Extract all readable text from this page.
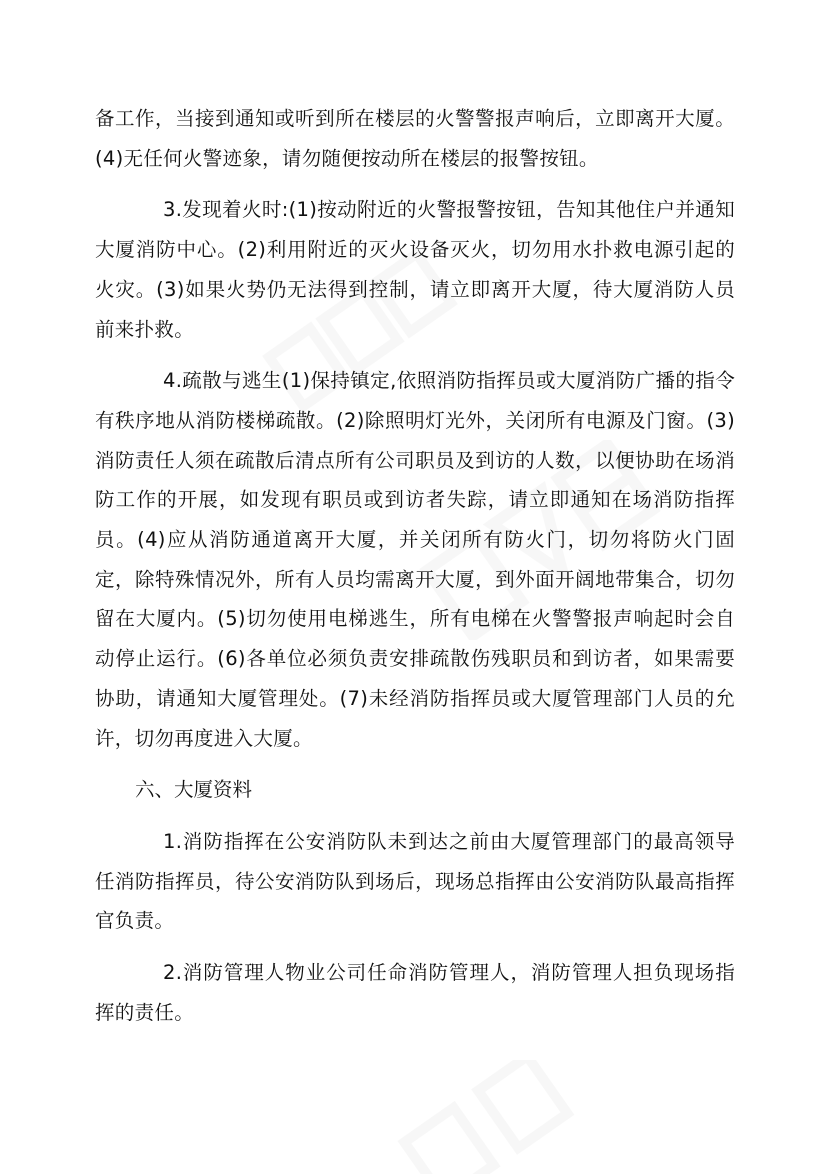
备工作，当接到通知或听到所在楼层的火警警报声响后，立即离开大厦。(4)无任何火警迹象，请勿随便按动所在楼层的报警按钮。

3.发现着火时:(1)按动附近的火警报警按钮，告知其他住户并通知大厦消防中心。(2)利用附近的灭火设备灭火，切勿用水扑救电源引起的火灾。(3)如果火势仍无法得到控制，请立即离开大厦，待大厦消防人员前来扑救。

4.疏散与逃生(1)保持镇定,依照消防指挥员或大厦消防广播的指令有秩序地从消防楼梯疏散。(2)除照明灯光外，关闭所有电源及门窗。(3)消防责任人须在疏散后清点所有公司职员及到访的人数，以便协助在场消防工作的开展，如发现有职员或到访者失踪，请立即通知在场消防指挥员。(4)应从消防通道离开大厦，并关闭所有防火门，切勿将防火门固定，除特殊情况外，所有人员均需离开大厦，到外面开阔地带集合，切勿留在大厦内。(5)切勿使用电梯逃生，所有电梯在火警警报声响起时会自动停止运行。(6)各单位必须负责安排疏散伤残职员和到访者，如果需要协助，请通知大厦管理处。(7)未经消防指挥员或大厦管理部门人员的允许，切勿再度进入大厦。

六、大厦资料

1.消防指挥在公安消防队未到达之前由大厦管理部门的最高领导任消防指挥员，待公安消防队到场后，现场总指挥由公安消防队最高指挥官负责。

2.消防管理人物业公司任命消防管理人，消防管理人担负现场指挥的责任。
